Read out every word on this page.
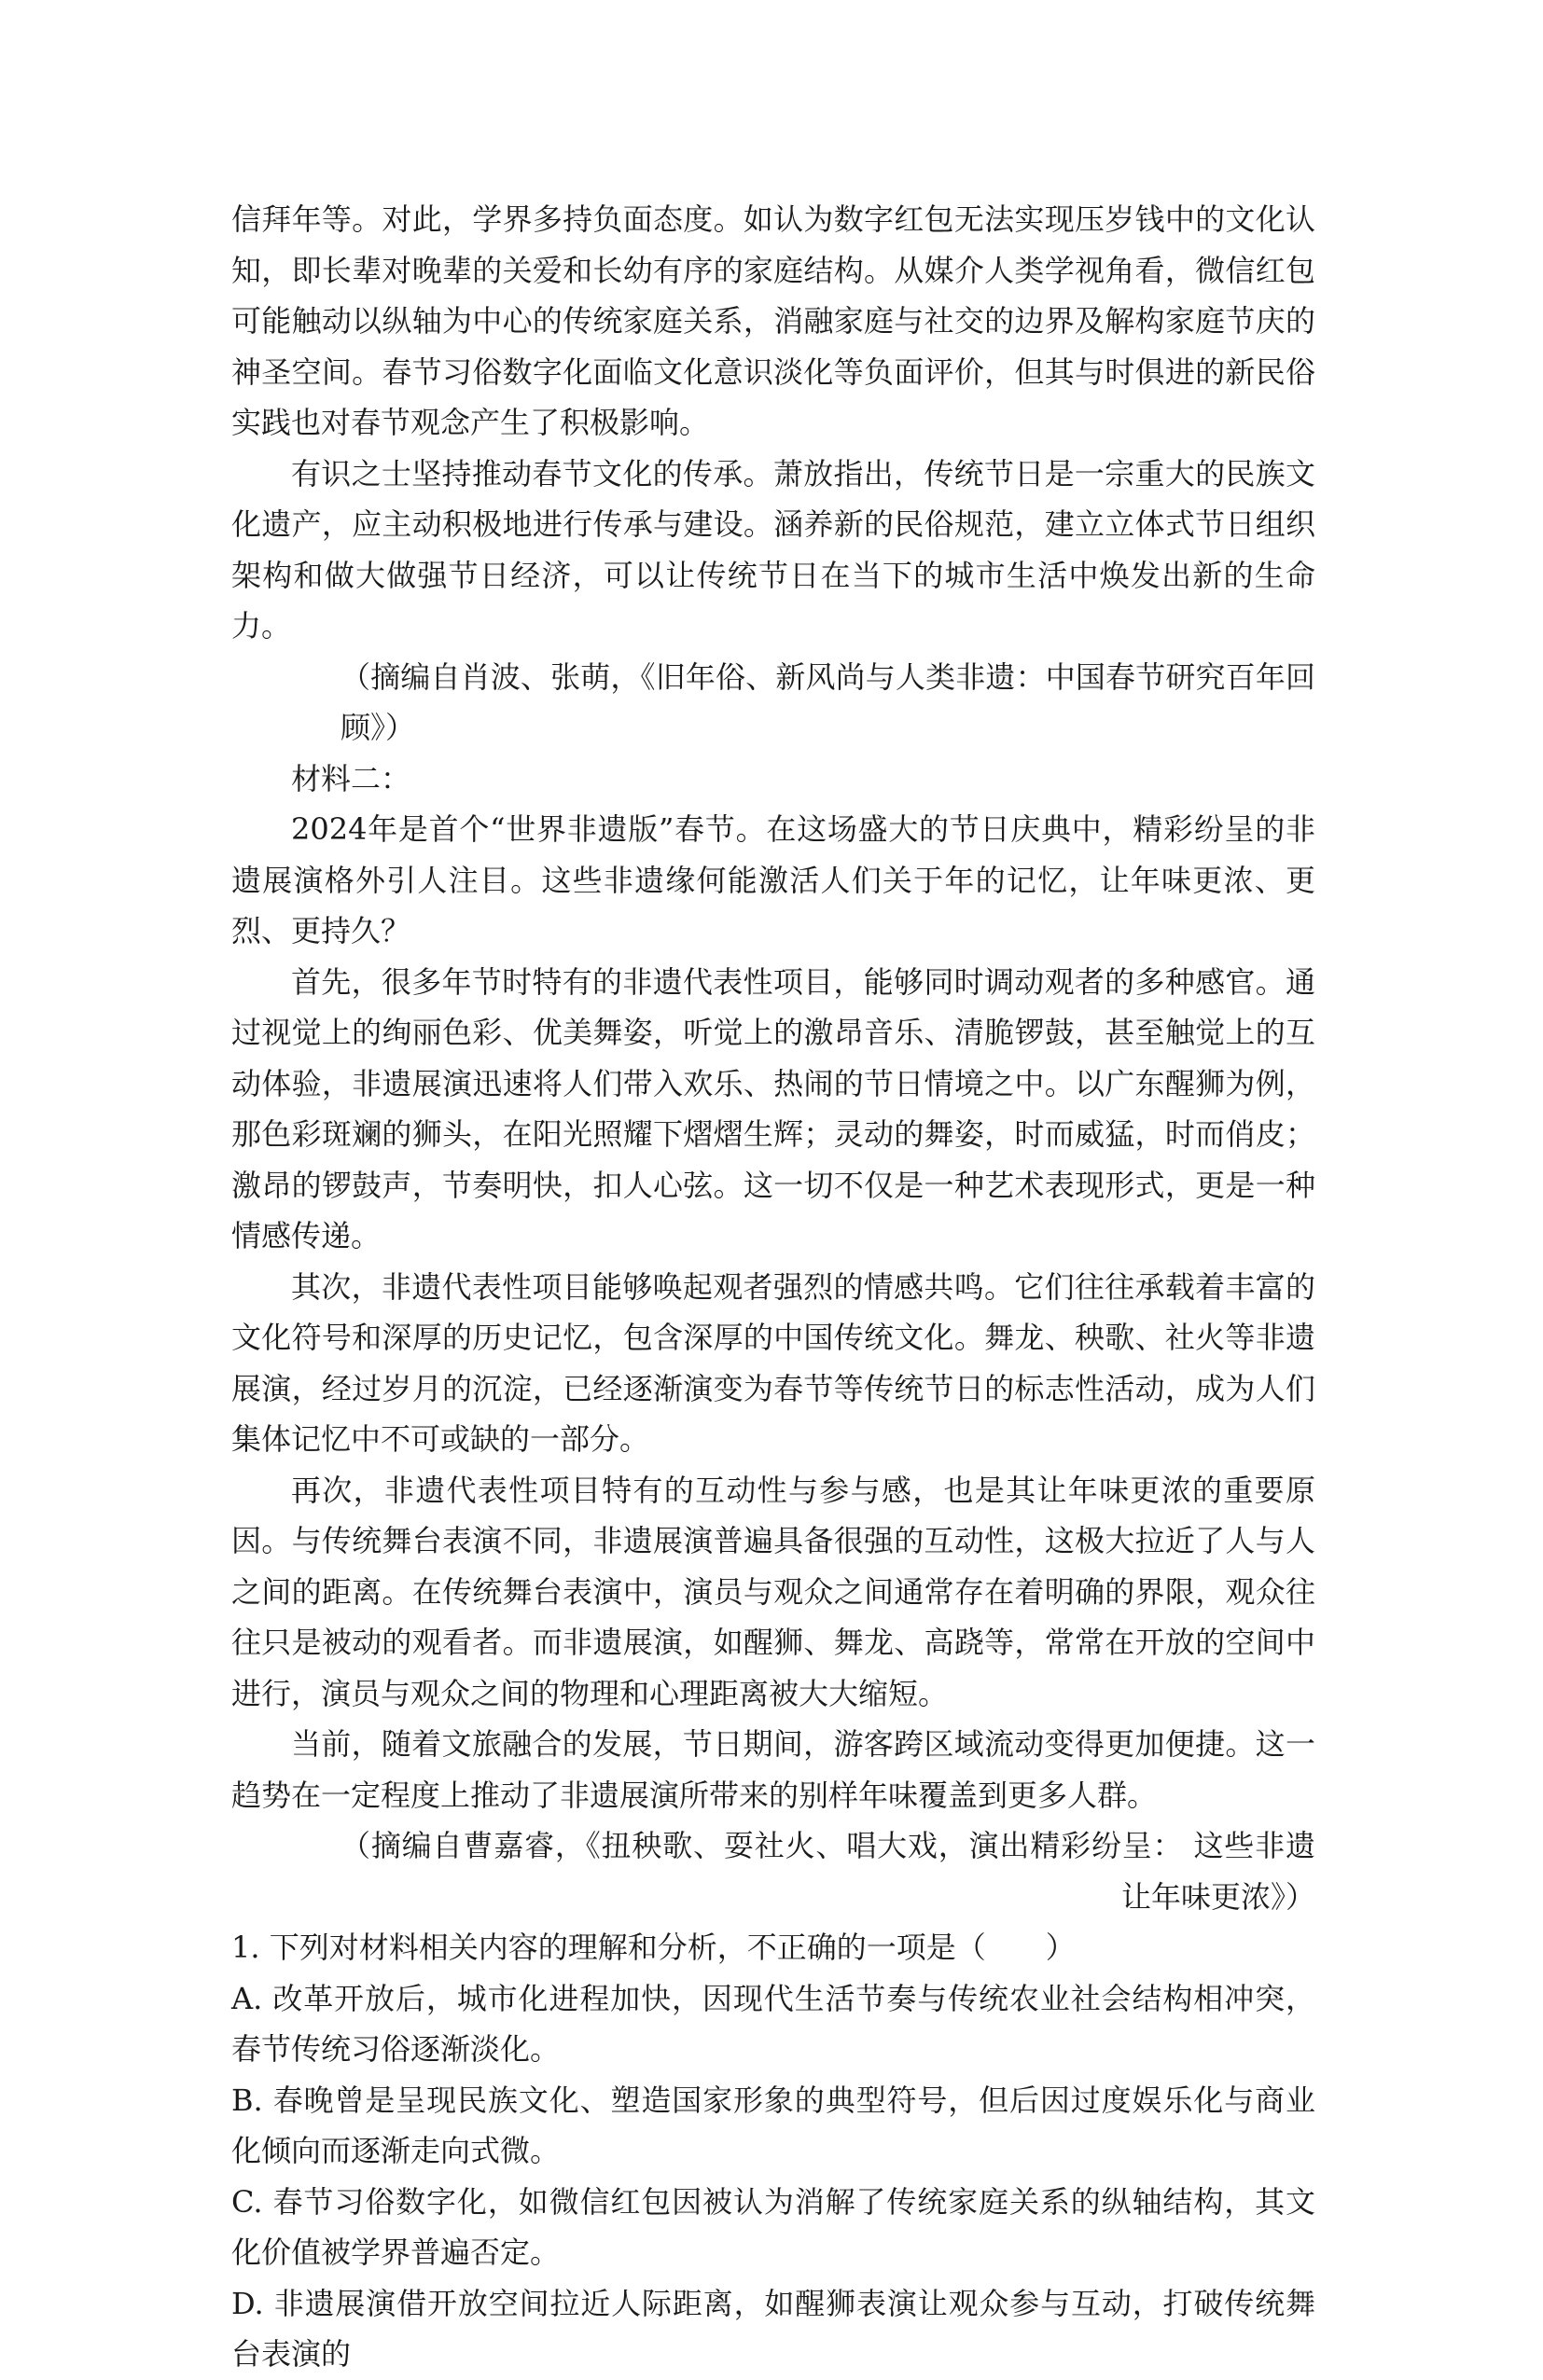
信拜年等。对此，学界多持负面态度。如认为数字红包无法实现压岁钱中的文化认知，即长辈对晚辈的关爱和长幼有序的家庭结构。从媒介人类学视角看，微信红包可能触动以纵轴为中心的传统家庭关系，消融家庭与社交的边界及解构家庭节庆的神圣空间。春节习俗数字化面临文化意识淡化等负面评价，但其与时俱进的新民俗实践也对春节观念产生了积极影响。

有识之士坚持推动春节文化的传承。萧放指出，传统节日是一宗重大的民族文化遗产，应主动积极地进行传承与建设。涵养新的民俗规范，建立立体式节日组织架构和做大做强节日经济，可以让传统节日在当下的城市生活中焕发出新的生命力。

（摘编自肖波、张萌，《旧年俗、新风尚与人类非遗：中国春节研究百年回顾》）

材料二：

2024年是首个“世界非遗版”春节。在这场盛大的节日庆典中，精彩纷呈的非遗展演格外引人注目。这些非遗缘何能激活人们关于年的记忆，让年味更浓、更烈、更持久？

首先，很多年节时特有的非遗代表性项目，能够同时调动观者的多种感官。通过视觉上的绚丽色彩、优美舞姿，听觉上的激昂音乐、清脆锣鼓，甚至触觉上的互动体验，非遗展演迅速将人们带入欢乐、热闹的节日情境之中。以广东醒狮为例，那色彩斑斓的狮头，在阳光照耀下熠熠生辉；灵动的舞姿，时而威猛，时而俏皮；激昂的锣鼓声，节奏明快，扣人心弦。这一切不仅是一种艺术表现形式，更是一种情感传递。

其次，非遗代表性项目能够唤起观者强烈的情感共鸣。它们往往承载着丰富的文化符号和深厚的历史记忆，包含深厚的中国传统文化。舞龙、秧歌、社火等非遗展演，经过岁月的沉淀，已经逐渐演变为春节等传统节日的标志性活动，成为人们集体记忆中不可或缺的一部分。

再次，非遗代表性项目特有的互动性与参与感，也是其让年味更浓的重要原因。与传统舞台表演不同，非遗展演普遍具备很强的互动性，这极大拉近了人与人之间的距离。在传统舞台表演中，演员与观众之间通常存在着明确的界限，观众往往只是被动的观看者。而非遗展演，如醒狮、舞龙、高跷等，常常在开放的空间中进行，演员与观众之间的物理和心理距离被大大缩短。

当前，随着文旅融合的发展，节日期间，游客跨区域流动变得更加便捷。这一趋势在一定程度上推动了非遗展演所带来的别样年味覆盖到更多人群。

（摘编自曹嘉睿，《扭秧歌、耍社火、唱大戏，演出精彩纷呈： 这些非遗让年味更浓》）

1. 下列对材料相关内容的理解和分析，不正确的一项是（　　）

A. 改革开放后，城市化进程加快，因现代生活节奏与传统农业社会结构相冲突，春节传统习俗逐渐淡化。

B. 春晚曾是呈现民族文化、塑造国家形象的典型符号，但后因过度娱乐化与商业化倾向而逐渐走向式微。

C. 春节习俗数字化，如微信红包因被认为消解了传统家庭关系的纵轴结构，其文化价值被学界普遍否定。

D. 非遗展演借开放空间拉近人际距离，如醒狮表演让观众参与互动，打破传统舞台表演的
